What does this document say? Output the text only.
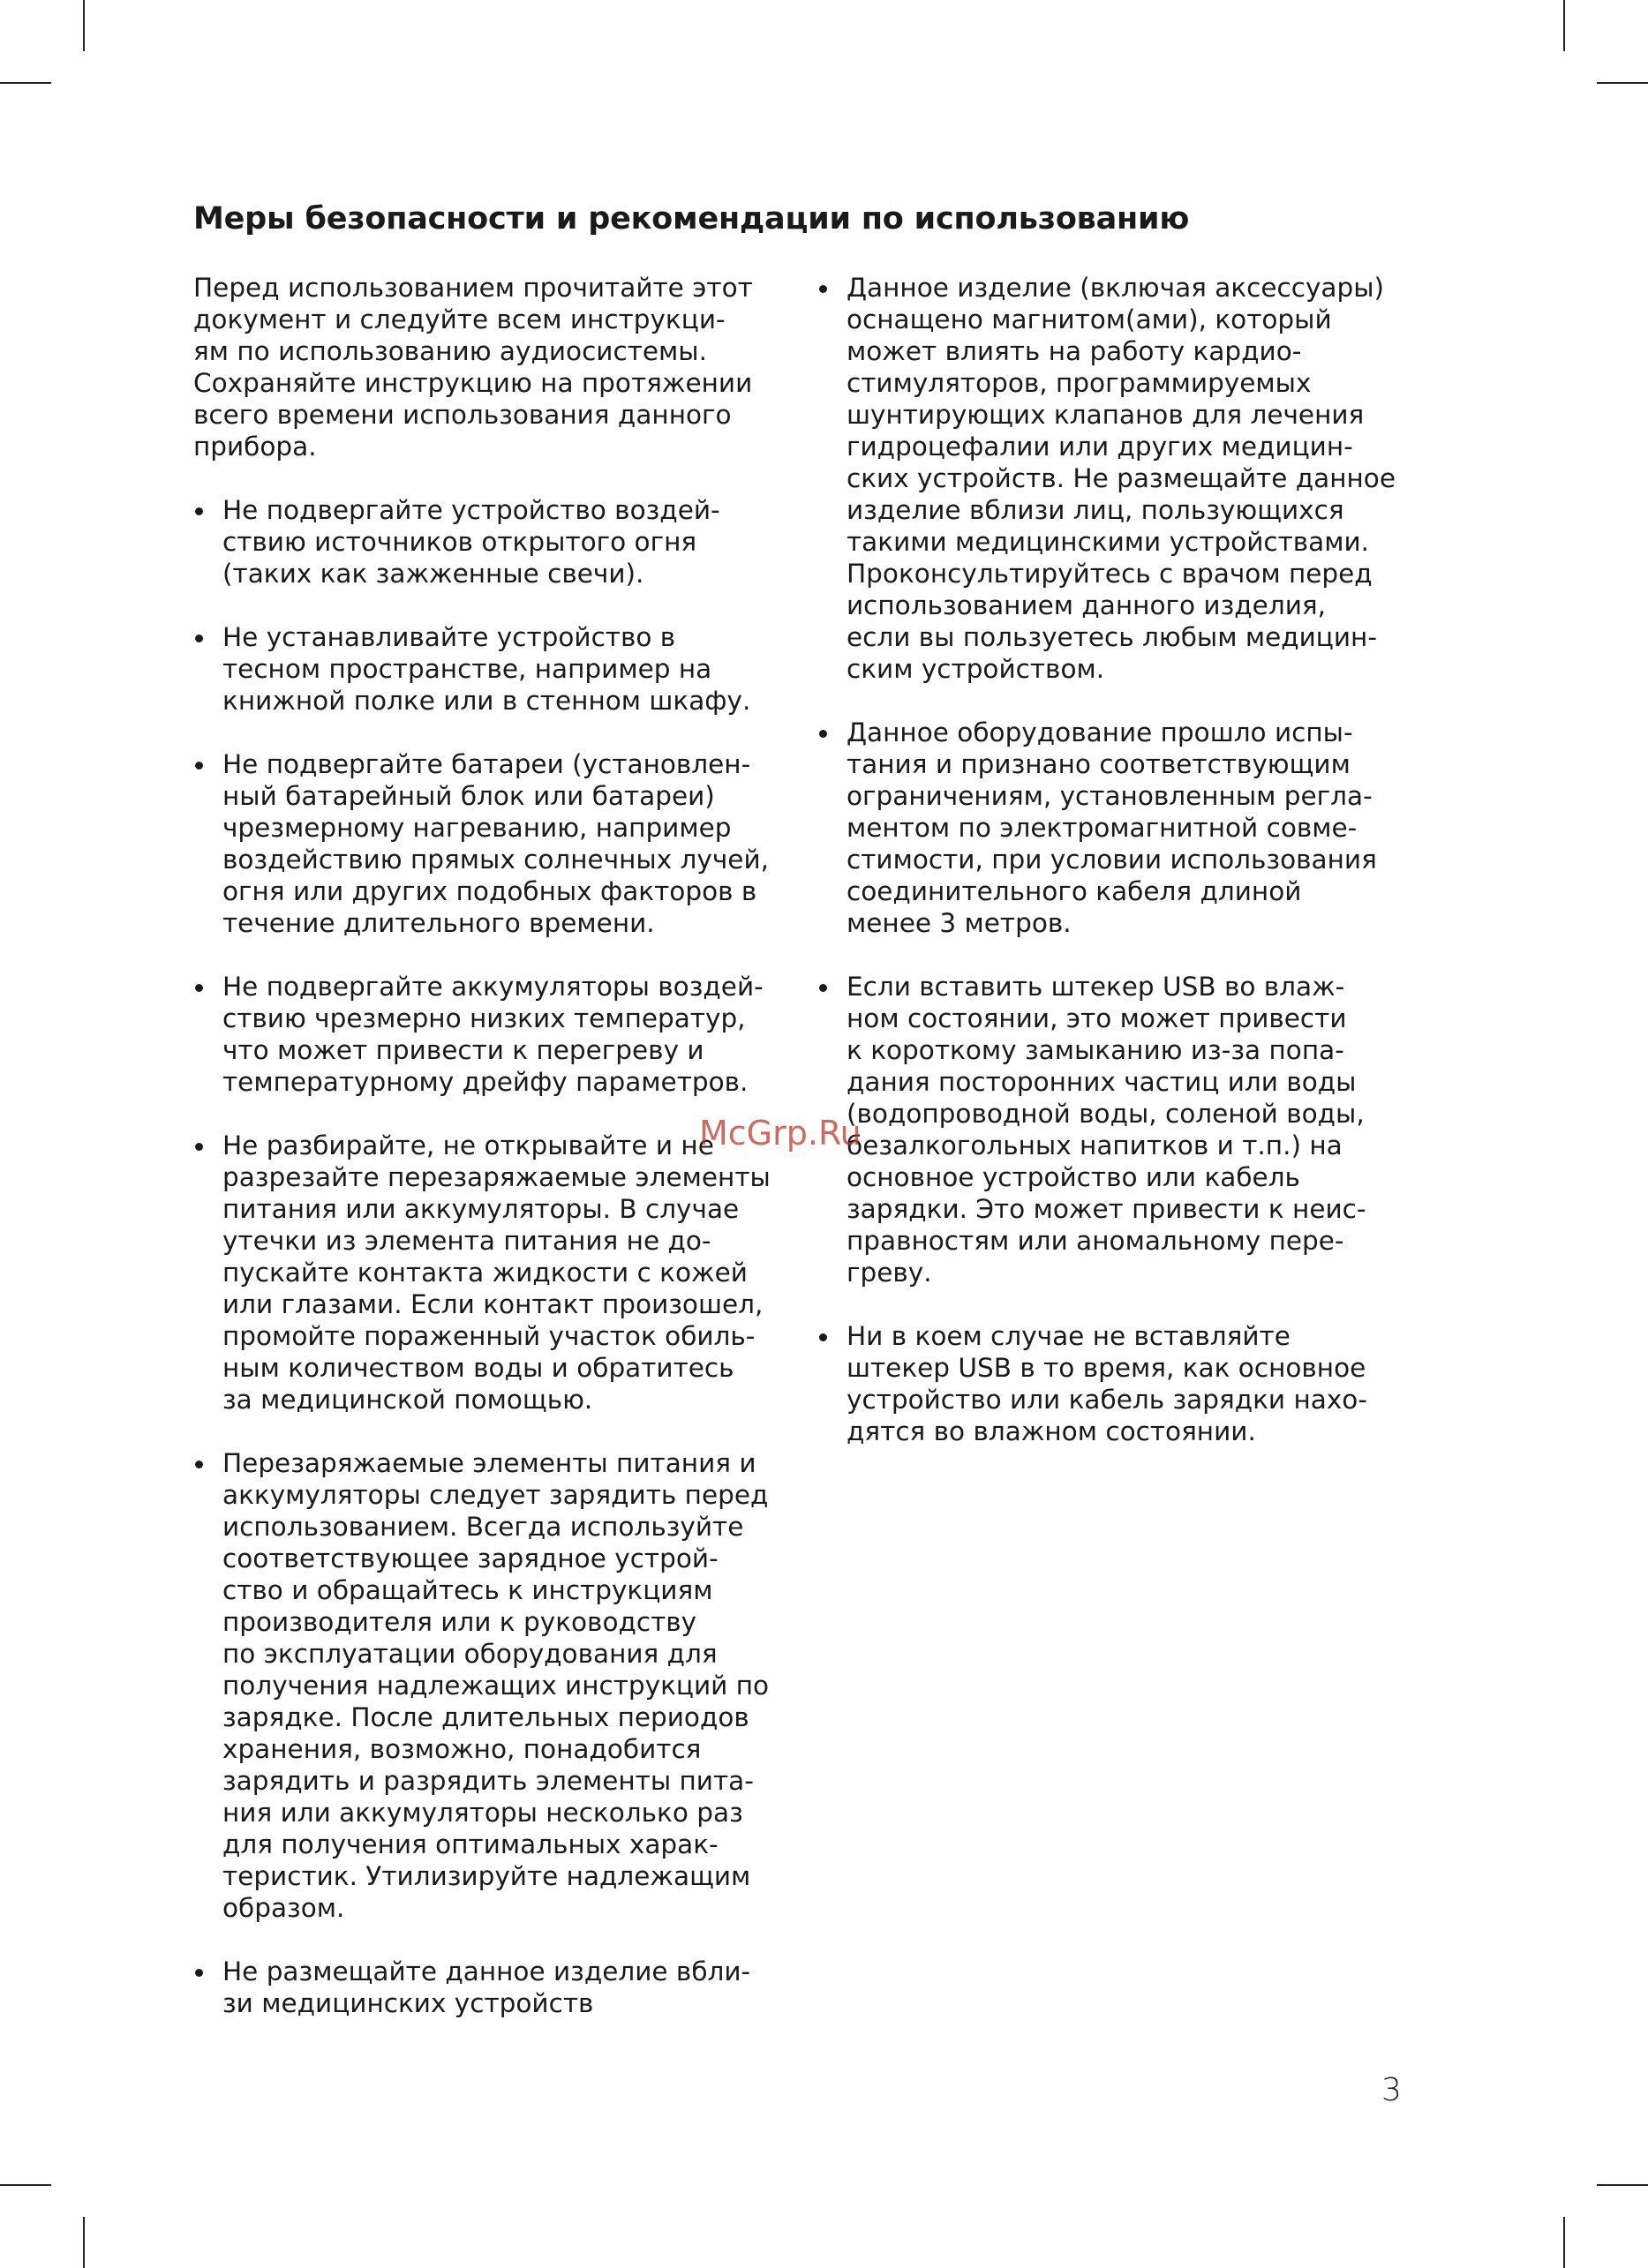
Меры безопасности и рекомендации по использованию

Перед использованием прочитайте этот
документ и следуйте всем инструкци-
ям по использованию аудиосистемы.
Сохраняйте инструкцию на протяжении
всего времени использования данного
прибора.

Не подвергайте устройство воздей-
ствию источников открытого огня
(таких как зажженные свечи).
Не устанавливайте устройство в
тесном пространстве, например на
книжной полке или в стенном шкафу.
Не подвергайте батареи (установлен-
ный батарейный блок или батареи)
чрезмерному нагреванию, например
воздействию прямых солнечных лучей,
огня или других подобных факторов в
течение длительного времени.
Не подвергайте аккумуляторы воздей-
ствию чрезмерно низких температур,
что может привести к перегреву и
температурному дрейфу параметров.
Не разбирайте, не открывайте и не
разрезайте перезаряжаемые элементы
питания или аккумуляторы. В случае
утечки из элемента питания не до-
пускайте контакта жидкости с кожей
или глазами. Если контакт произошел,
промойте пораженный участок обиль-
ным количеством воды и обратитесь
за медицинской помощью.
Перезаряжаемые элементы питания и
аккумуляторы следует зарядить перед
использованием. Всегда используйте
соответствующее зарядное устрой-
ство и обращайтесь к инструкциям
производителя или к руководству
по эксплуатации оборудования для
получения надлежащих инструкций по
зарядке. После длительных периодов
хранения, возможно, понадобится
зарядить и разрядить элементы пита-
ния или аккумуляторы несколько раз
для получения оптимальных харак-
теристик. Утилизируйте надлежащим
образом.
Не размещайте данное изделие вбли-
зи медицинских устройств
Данное изделие (включая аксессуары)
оснащено магнитом(ами), который
может влиять на работу кардио-
стимуляторов, программируемых
шунтирующих клапанов для лечения
гидроцефалии или других медицин-
ских устройств. Не размещайте данное
изделие вблизи лиц, пользующихся
такими медицинскими устройствами.
Проконсультируйтесь с врачом перед
использованием данного изделия,
если вы пользуетесь любым медицин-
ским устройством.
Данное оборудование прошло испы-
тания и признано соответствующим
ограничениям, установленным регла-
ментом по электромагнитной совме-
стимости, при условии использования
соединительного кабеля длиной
менее 3 метров.
Если вставить штекер USB во влаж-
ном состоянии, это может привести
к короткому замыканию из-за попа-
дания посторонних частиц или воды
(водопроводной воды, соленой воды,
безалкогольных напитков и т.п.) на
основное устройство или кабель
зарядки. Это может привести к неис-
правностям или аномальному пере-
греву.
Ни в коем случае не вставляйте
штекер USB в то время, как основное
устройство или кабель зарядки нахо-
дятся во влажном состоянии.
McGrp.Ru
3
